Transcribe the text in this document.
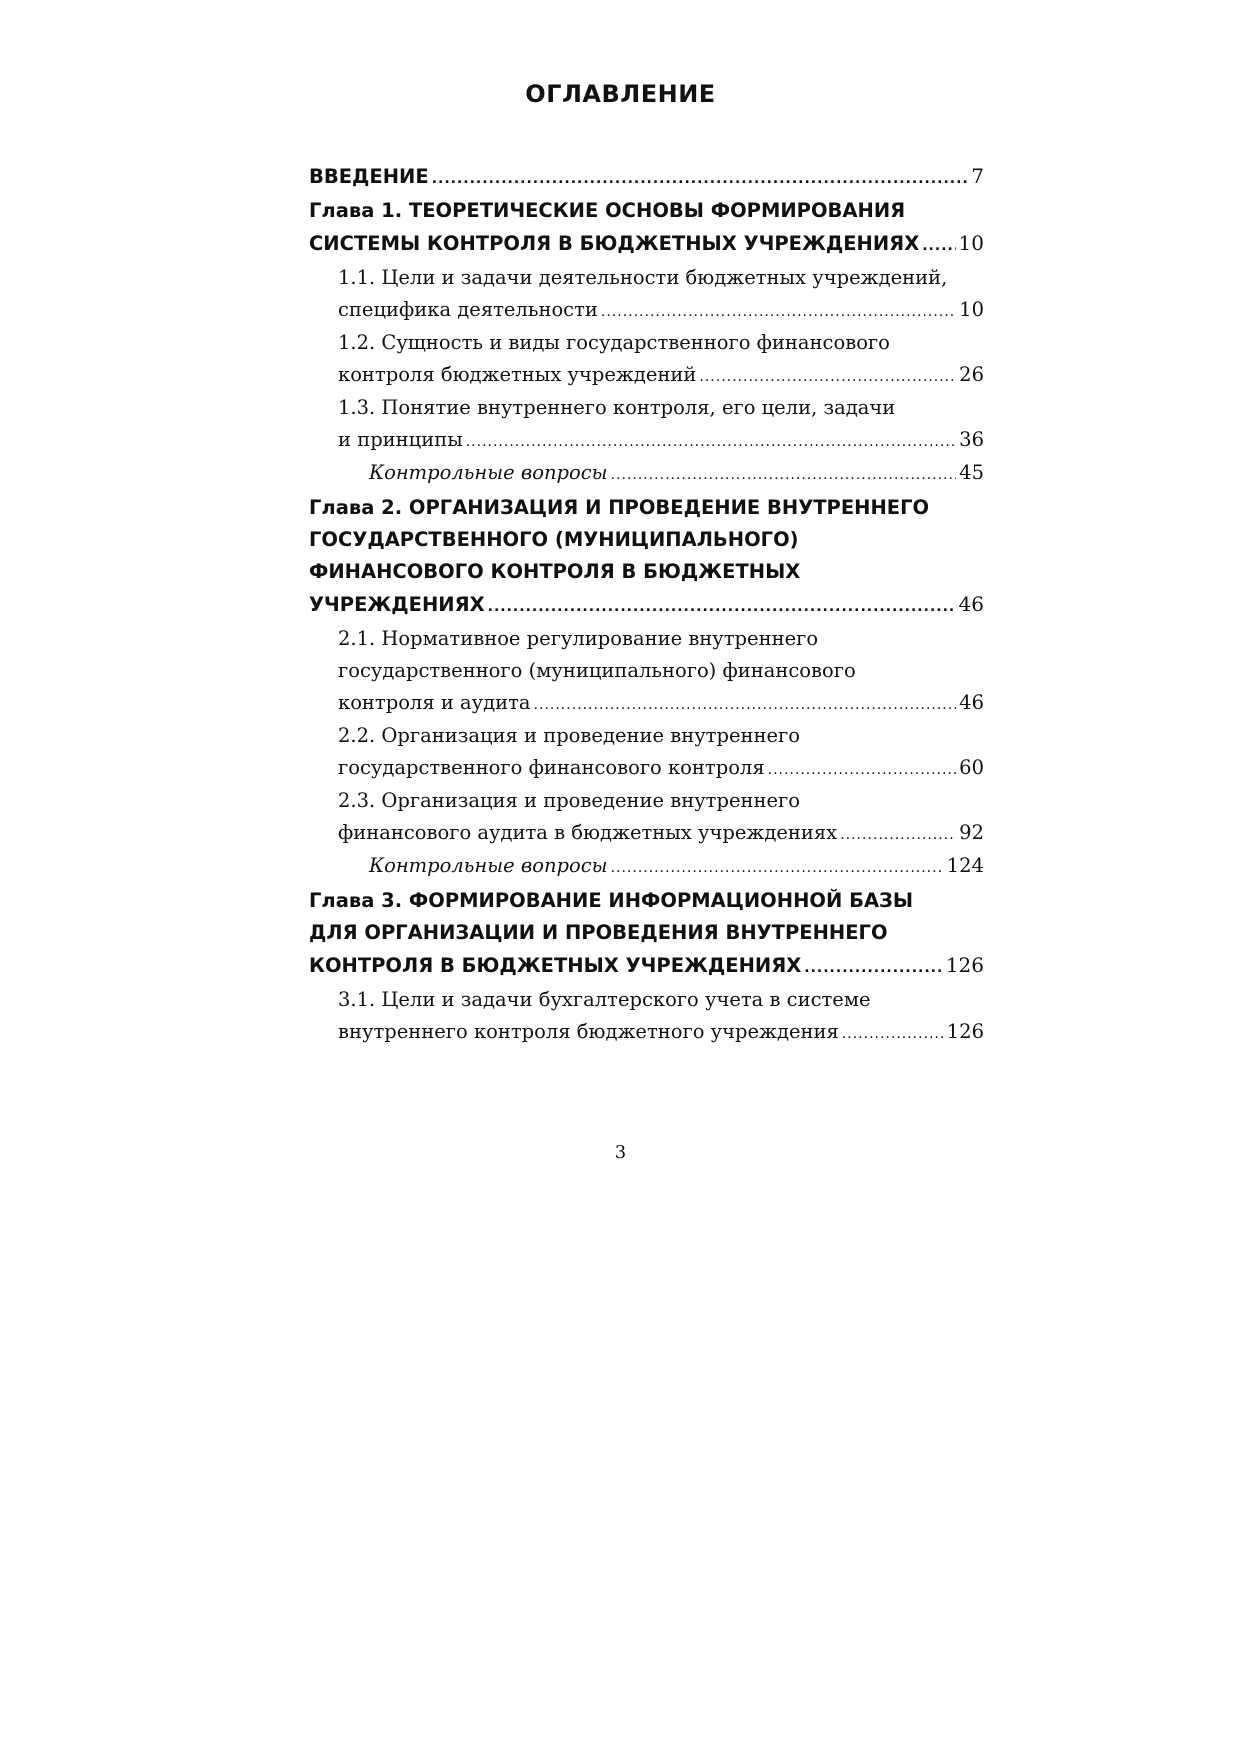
ОГЛАВЛЕНИЕ
ВВЕДЕНИЕ .....	7
Глава 1. ТЕОРЕТИЧЕСКИЕ ОСНОВЫ ФОРМИРОВАНИЯ
СИСТЕМЫ КОНТРОЛЯ В БЮДЖЕТНЫХ УЧРЕЖДЕНИЯХ ..... 10
1.1. Цели и задачи деятельности бюджетных учреждений,
специфика деятельности .....	10
1.2. Сущность и виды государственного финансового
контроля бюджетных учреждений .....	26
1.3. Понятие внутреннего контроля, его цели, задачи
и принципы .....	36
Контрольные вопросы .....	45
Глава 2. ОРГАНИЗАЦИЯ И ПРОВЕДЕНИЕ ВНУТРЕННЕГО
ГОСУДАРСТВЕННОГО (МУНИЦИПАЛЬНОГО)
ФИНАНСОВОГО КОНТРОЛЯ В БЮДЖЕТНЫХ
УЧРЕЖДЕНИЯХ .....	46
2.1. Нормативное регулирование внутреннего
государственного (муниципального) финансового
контроля и аудита .....	46
2.2. Организация и проведение внутреннего
государственного финансового контроля .....	60
2.3. Организация и проведение внутреннего
финансового аудита в бюджетных учреждениях .....	92
Контрольные вопросы .....	124
Глава 3. ФОРМИРОВАНИЕ ИНФОРМАЦИОННОЙ БАЗЫ
ДЛЯ ОРГАНИЗАЦИИ И ПРОВЕДЕНИЯ ВНУТРЕННЕГО
КОНТРОЛЯ В БЮДЖЕТНЫХ УЧРЕЖДЕНИЯХ .....	126
3.1. Цели и задачи бухгалтерского учета в системе
внутреннего контроля бюджетного учреждения .....	126
3
